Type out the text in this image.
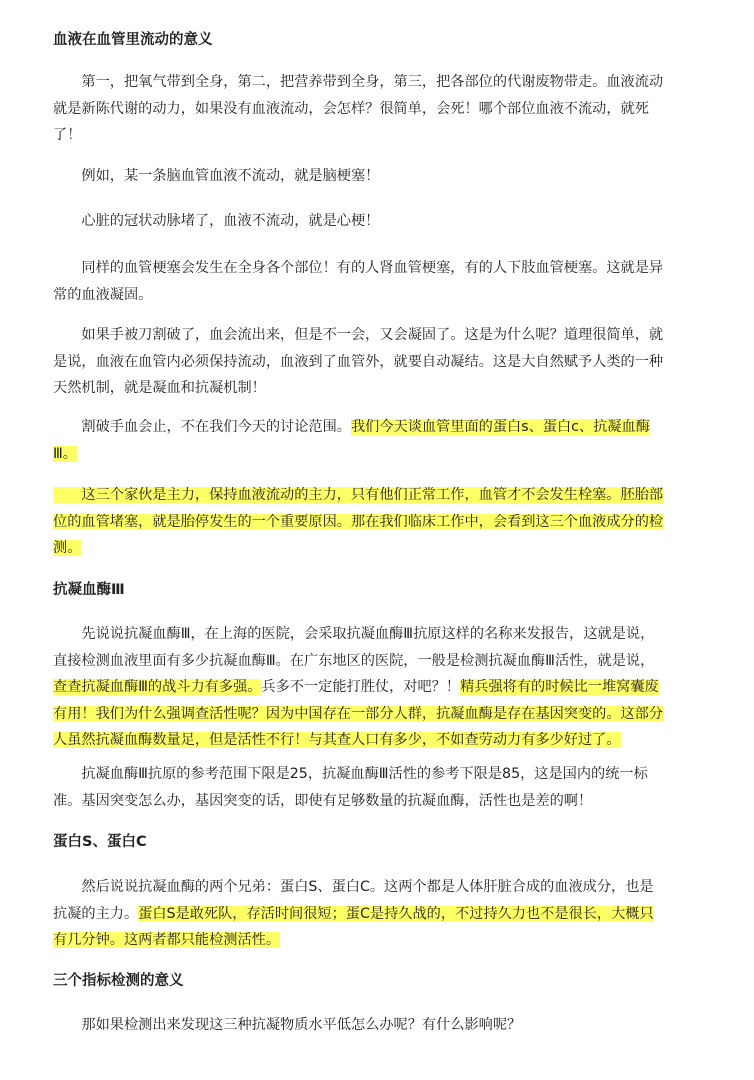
血液在血管里流动的意义
　　第一，把氧气带到全身，第二，把营养带到全身，第三，把各部位的代谢废物带走。血液流动
就是新陈代谢的动力，如果没有血液流动，会怎样？很简单，会死！哪个部位血液不流动，就死
了！
　　例如，某一条脑血管血液不流动，就是脑梗塞！
　　心脏的冠状动脉堵了，血液不流动，就是心梗！
　　同样的血管梗塞会发生在全身各个部位！有的人肾血管梗塞，有的人下肢血管梗塞。这就是异
常的血液凝固。
　　如果手被刀割破了，血会流出来，但是不一会，又会凝固了。这是为什么呢？道理很简单，就
是说，血液在血管内必须保持流动，血液到了血管外，就要自动凝结。这是大自然赋予人类的一种
天然机制，就是凝血和抗凝机制！
　　割破手血会止，不在我们今天的讨论范围。我们今天谈血管里面的蛋白s、蛋白c、抗凝血酶
Ⅲ。
　　这三个家伙是主力，保持血液流动的主力，只有他们正常工作，血管才不会发生栓塞。胚胎部
位的血管堵塞，就是胎停发生的一个重要原因。那在我们临床工作中，会看到这三个血液成分的检
测。
抗凝血酶Ⅲ
　　先说说抗凝血酶Ⅲ，在上海的医院，会采取抗凝血酶Ⅲ抗原这样的名称来发报告，这就是说，
直接检测血液里面有多少抗凝血酶Ⅲ。在广东地区的医院，一般是检测抗凝血酶Ⅲ活性，就是说，
查查抗凝血酶Ⅲ的战斗力有多强。兵多不一定能打胜仗，对吧？！精兵强将有的时候比一堆窝囊废
有用！我们为什么强调查活性呢？因为中国存在一部分人群，抗凝血酶是存在基因突变的。这部分
人虽然抗凝血酶数量足，但是活性不行！与其查人口有多少，不如查劳动力有多少好过了。
　　抗凝血酶Ⅲ抗原的参考范围下限是25，抗凝血酶Ⅲ活性的参考下限是85，这是国内的统一标
准。基因突变怎么办，基因突变的话，即使有足够数量的抗凝血酶，活性也是差的啊！
蛋白S、蛋白C
　　然后说说抗凝血酶的两个兄弟：蛋白S、蛋白C。这两个都是人体肝脏合成的血液成分，也是
抗凝的主力。蛋白S是敢死队，存活时间很短；蛋C是持久战的，不过持久力也不是很长，大概只
有几分钟。这两者都只能检测活性。
三个指标检测的意义
　　那如果检测出来发现这三种抗凝物质水平低怎么办呢？有什么影响呢？
